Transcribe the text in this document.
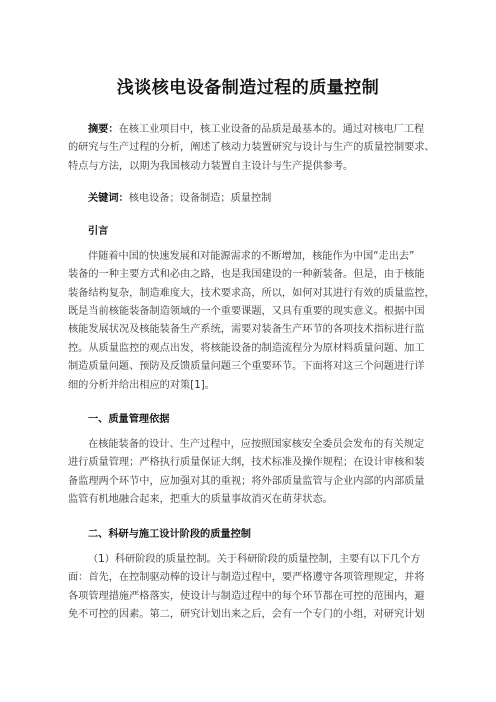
浅谈核电设备制造过程的质量控制
摘要：在核工业项目中，核工业设备的品质是最基本的。通过对核电厂工程
的研究与生产过程的分析，阐述了核动力装置研究与设计与生产的质量控制要求、
特点与方法，以期为我国核动力装置自主设计与生产提供参考。
关键词：核电设备；设备制造；质量控制
引言
伴随着中国的快速发展和对能源需求的不断增加，核能作为中国“走出去”
装备的一种主要方式和必由之路，也是我国建设的一种新装备。但是，由于核能
装备结构复杂，制造难度大，技术要求高，所以，如何对其进行有效的质量监控，
既是当前核能装备制造领域的一个重要课题，又具有重要的现实意义。根据中国
核能发展状况及核能装备生产系统，需要对装备生产环节的各项技术指标进行监
控。从质量监控的观点出发，将核能设备的制造流程分为原材料质量问题、加工
制造质量问题、预防及反馈质量问题三个重要环节。下面将对这三个问题进行详
细的分析并给出相应的对策[1]。
一、质量管理依据
在核能装备的设计、生产过程中，应按照国家核安全委员会发布的有关规定
进行质量管理；严格执行质量保证大纲，技术标准及操作规程；在设计审核和装
备监理两个环节中，应加强对其的重视；将外部质量监管与企业内部的内部质量
监管有机地融合起来，把重大的质量事故消灭在萌芽状态。
二、科研与施工设计阶段的质量控制
（1）科研阶段的质量控制。关于科研阶段的质量控制，主要有以下几个方
面：首先，在控制驱动棒的设计与制造过程中，要严格遵守各项管理规定，并将
各项管理措施严格落实，使设计与制造过程中的每个环节都在可控的范围内，避
免不可控的因素。第二，研究计划出来之后，会有一个专门的小组，对研究计划
